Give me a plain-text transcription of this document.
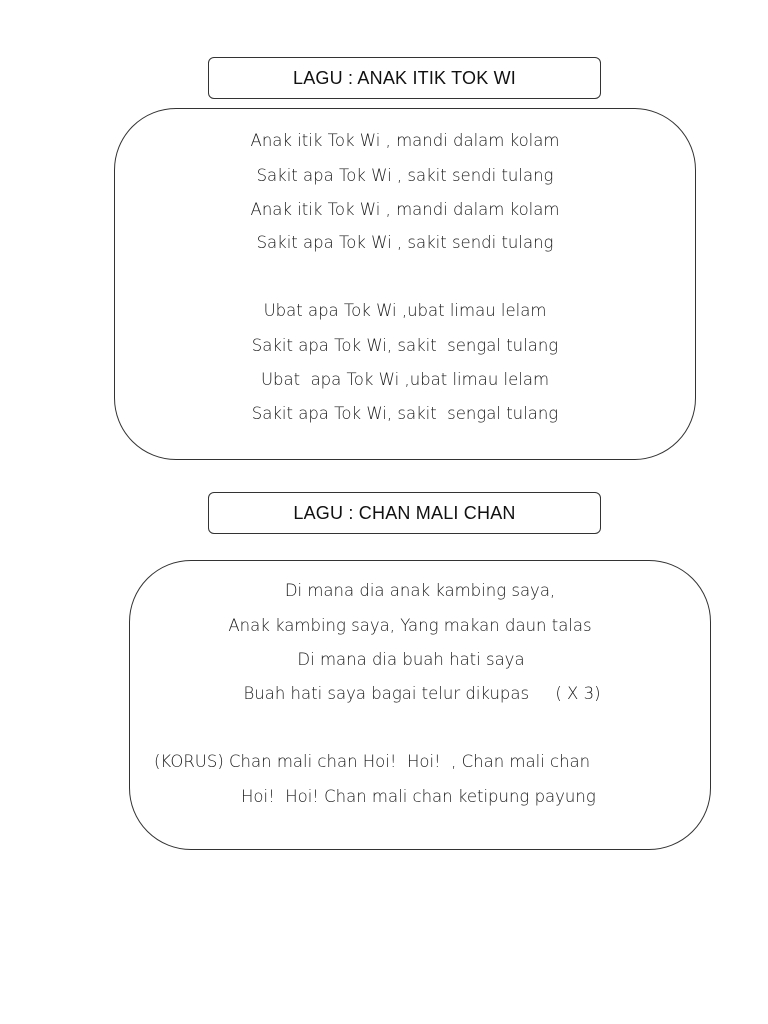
LAGU : ANAK ITIK TOK WI
Anak itik Tok Wi , mandi dalam kolam
Sakit apa Tok Wi , sakit sendi tulang
Anak itik Tok Wi , mandi dalam kolam
Sakit apa Tok Wi , sakit sendi tulang
Ubat apa Tok Wi ,ubat limau lelam
Sakit apa Tok Wi, sakit  sengal tulang
Ubat  apa Tok Wi ,ubat limau lelam
Sakit apa Tok Wi, sakit  sengal tulang
LAGU : CHAN MALI CHAN
Di mana dia anak kambing saya,
Anak kambing saya, Yang makan daun talas
Di mana dia buah hati saya
Buah hati saya bagai telur dikupas     ( X 3)
(KORUS) Chan mali chan Hoi!  Hoi!  , Chan mali chan
Hoi!  Hoi! Chan mali chan ketipung payung
